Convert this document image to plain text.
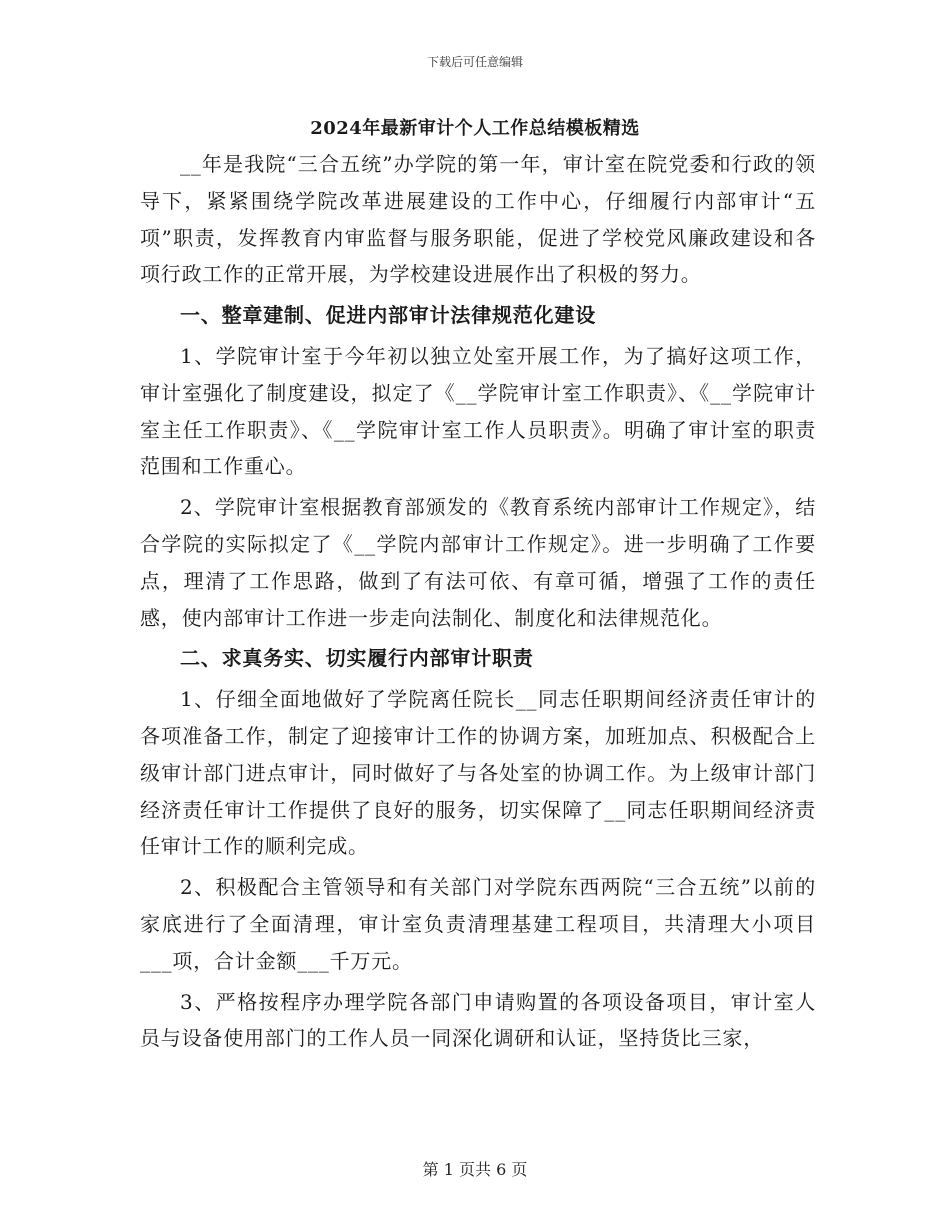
下载后可任意编辑
2024年最新审计个人工作总结模板精选

__年是我院“三合五统”办学院的第一年，审计室在院党委和行政的领导下，紧紧围绕学院改革进展建设的工作中心，仔细履行内部审计“五项”职责，发挥教育内审监督与服务职能，促进了学校党风廉政建设和各项行政工作的正常开展，为学校建设进展作出了积极的努力。

一、整章建制、促进内部审计法律规范化建设

1、学院审计室于今年初以独立处室开展工作，为了搞好这项工作，审计室强化了制度建设，拟定了《__学院审计室工作职责》、《__学院审计室主任工作职责》、《__学院审计室工作人员职责》。明确了审计室的职责范围和工作重心。

2、学院审计室根据教育部颁发的《教育系统内部审计工作规定》，结合学院的实际拟定了《__学院内部审计工作规定》。进一步明确了工作要点，理清了工作思路，做到了有法可依、有章可循，增强了工作的责任感，使内部审计工作进一步走向法制化、制度化和法律规范化。

二、求真务实、切实履行内部审计职责

1、仔细全面地做好了学院离任院长__同志任职期间经济责任审计的各项准备工作，制定了迎接审计工作的协调方案，加班加点、积极配合上级审计部门进点审计，同时做好了与各处室的协调工作。为上级审计部门经济责任审计工作提供了良好的服务，切实保障了__同志任职期间经济责任审计工作的顺利完成。

2、积极配合主管领导和有关部门对学院东西两院“三合五统”以前的家底进行了全面清理，审计室负责清理基建工程项目，共清理大小项目___项，合计金额___千万元。

3、严格按程序办理学院各部门申请购置的各项设备项目，审计室人员与设备使用部门的工作人员一同深化调研和认证，坚持货比三家，

第 1 页共 6 页
